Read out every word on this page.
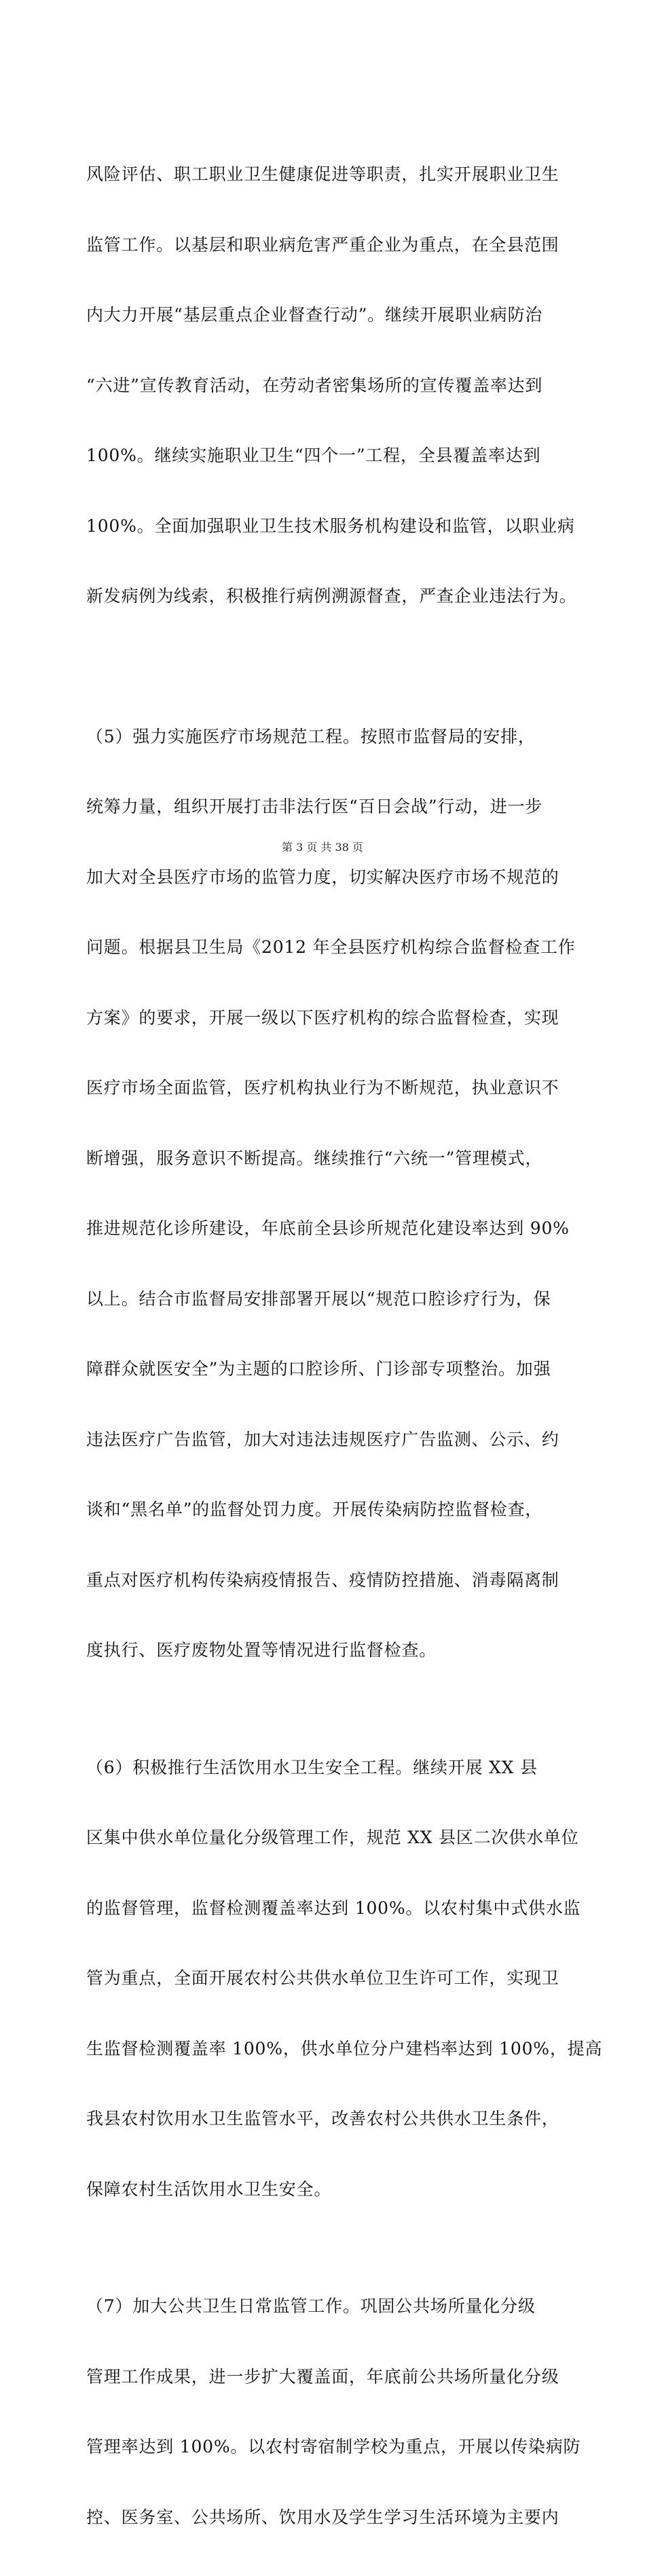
风险评估、职工职业卫生健康促进等职责，扎实开展职业卫生

监管工作。以基层和职业病危害严重企业为重点，在全县范围

内大力开展“基层重点企业督查行动”。继续开展职业病防治

“六进”宣传教育活动，在劳动者密集场所的宣传覆盖率达到

100%。继续实施职业卫生“四个一”工程，全县覆盖率达到

100%。全面加强职业卫生技术服务机构建设和监管，以职业病

新发病例为线索，积极推行病例溯源督查，严查企业违法行为。

（5）强力实施医疗市场规范工程。按照市监督局的安排，

统筹力量，组织开展打击非法行医“百日会战”行动，进一步

加大对全县医疗市场的监管力度，切实解决医疗市场不规范的

问题。根据县卫生局《2012 年全县医疗机构综合监督检查工作

方案》的要求，开展一级以下医疗机构的综合监督检查，实现

医疗市场全面监管，医疗机构执业行为不断规范，执业意识不

断增强，服务意识不断提高。继续推行“六统一”管理模式，

推进规范化诊所建设，年底前全县诊所规范化建设率达到 90%

以上。结合市监督局安排部署开展以“规范口腔诊疗行为，保

障群众就医安全”为主题的口腔诊所、门诊部专项整治。加强

违法医疗广告监管，加大对违法违规医疗广告监测、公示、约

谈和“黑名单”的监督处罚力度。开展传染病防控监督检查，

重点对医疗机构传染病疫情报告、疫情防控措施、消毒隔离制

度执行、医疗废物处置等情况进行监督检查。

（6）积极推行生活饮用水卫生安全工程。继续开展 XX 县

区集中供水单位量化分级管理工作，规范 XX 县区二次供水单位

的监督管理，监督检测覆盖率达到 100%。以农村集中式供水监

管为重点，全面开展农村公共供水单位卫生许可工作，实现卫

生监督检测覆盖率 100%，供水单位分户建档率达到 100%，提高

我县农村饮用水卫生监管水平，改善农村公共供水卫生条件，

保障农村生活饮用水卫生安全。

（7）加大公共卫生日常监管工作。巩固公共场所量化分级

管理工作成果，进一步扩大覆盖面，年底前公共场所量化分级

管理率达到 100%。以农村寄宿制学校为重点，开展以传染病防

控、医务室、公共场所、饮用水及学生学习生活环境为主要内

第 3 页 共 38 页
